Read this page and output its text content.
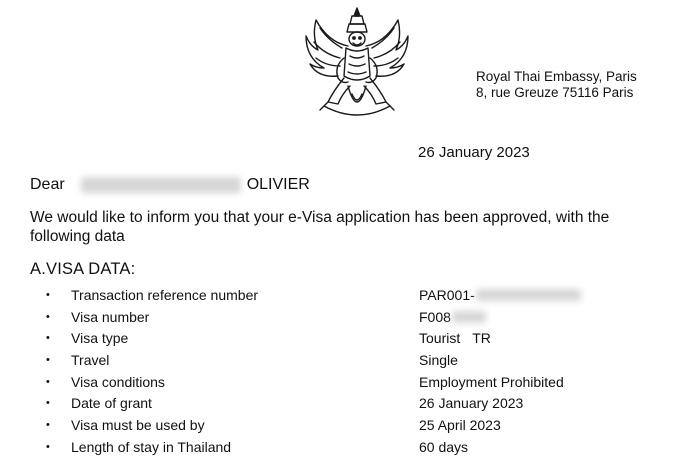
Royal Thai Embassy, Paris
8, rue Greuze 75116 Paris
26 January 2023
Dear	OLIVIER
We would like to inform you that your e-Visa application has been approved, with the following data
A.VISA DATA:
•	Transaction reference number	PAR001-
•	Visa number	F008
•	Visa type	Tourist TR
•	Travel	Single
•	Visa conditions	Employment Prohibited
•	Date of grant	26 January 2023
•	Visa must be used by	25 April 2023
•	Length of stay in Thailand	60 days
